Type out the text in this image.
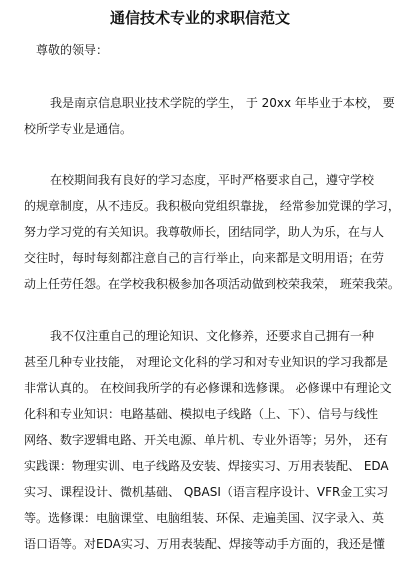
通信技术专业的求职信范文
尊敬的领导：
我是南京信息职业技术学院的学生， 于 20xx 年毕业于本校， 要
校所学专业是通信。
在校期间我有良好的学习态度，平时严格要求自己，遵守学校
的规章制度，从不违反。我积极向党组织靠拢， 经常参加党课的学习，
努力学习党的有关知识。我尊敬师长，团结同学，助人为乐，在与人
交往时，每时每刻都注意自己的言行举止，向来都是文明用语；在劳
动上任劳任怨。在学校我积极参加各项活动做到校荣我荣， 班荣我荣。
我不仅注重自己的理论知识、文化修养，还要求自己拥有一种
甚至几种专业技能， 对理论文化科的学习和对专业知识的学习我都是
非常认真的。 在校间我所学的有必修课和选修课。 必修课中有理论文
化科和专业知识：电路基础、模拟电子线路（上、下）、信号与线性
网络、数字逻辑电路、开关电源、单片机、专业外语等；另外， 还有
实践课：物理实训、电子线路及安装、焊接实习、万用表装配、 EDA
实习、课程设计、微机基础、 QBASI（语言程序设计、VFR金工实习
等。选修课：电脑课堂、电脑组装、环保、走遍美国、汉字录入、英
语口语等。对EDA实习、万用表装配、焊接等动手方面的，我还是懂
